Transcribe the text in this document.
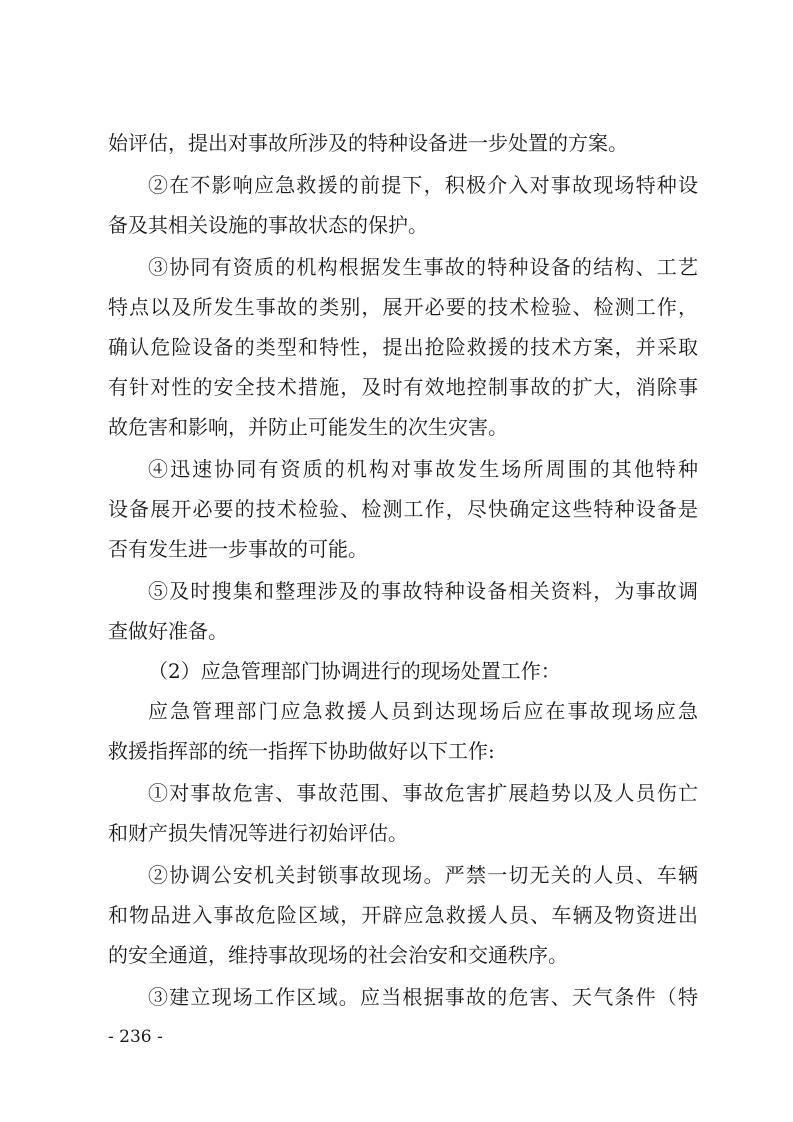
始评估，提出对事故所涉及的特种设备进一步处置的方案。
②在不影响应急救援的前提下，积极介入对事故现场特种设
备及其相关设施的事故状态的保护。
③协同有资质的机构根据发生事故的特种设备的结构、工艺
特点以及所发生事故的类别，展开必要的技术检验、检测工作，
确认危险设备的类型和特性，提出抢险救援的技术方案，并采取
有针对性的安全技术措施，及时有效地控制事故的扩大，消除事
故危害和影响，并防止可能发生的次生灾害。
④迅速协同有资质的机构对事故发生场所周围的其他特种
设备展开必要的技术检验、检测工作，尽快确定这些特种设备是
否有发生进一步事故的可能。
⑤及时搜集和整理涉及的事故特种设备相关资料，为事故调
查做好准备。
（2）应急管理部门协调进行的现场处置工作：
应急管理部门应急救援人员到达现场后应在事故现场应急
救援指挥部的统一指挥下协助做好以下工作:
①对事故危害、事故范围、事故危害扩展趋势以及人员伤亡
和财产损失情况等进行初始评估。
②协调公安机关封锁事故现场。严禁一切无关的人员、车辆
和物品进入事故危险区域，开辟应急救援人员、车辆及物资进出
的安全通道，维持事故现场的社会治安和交通秩序。
③建立现场工作区域。应当根据事故的危害、天气条件（特
- 236 -
